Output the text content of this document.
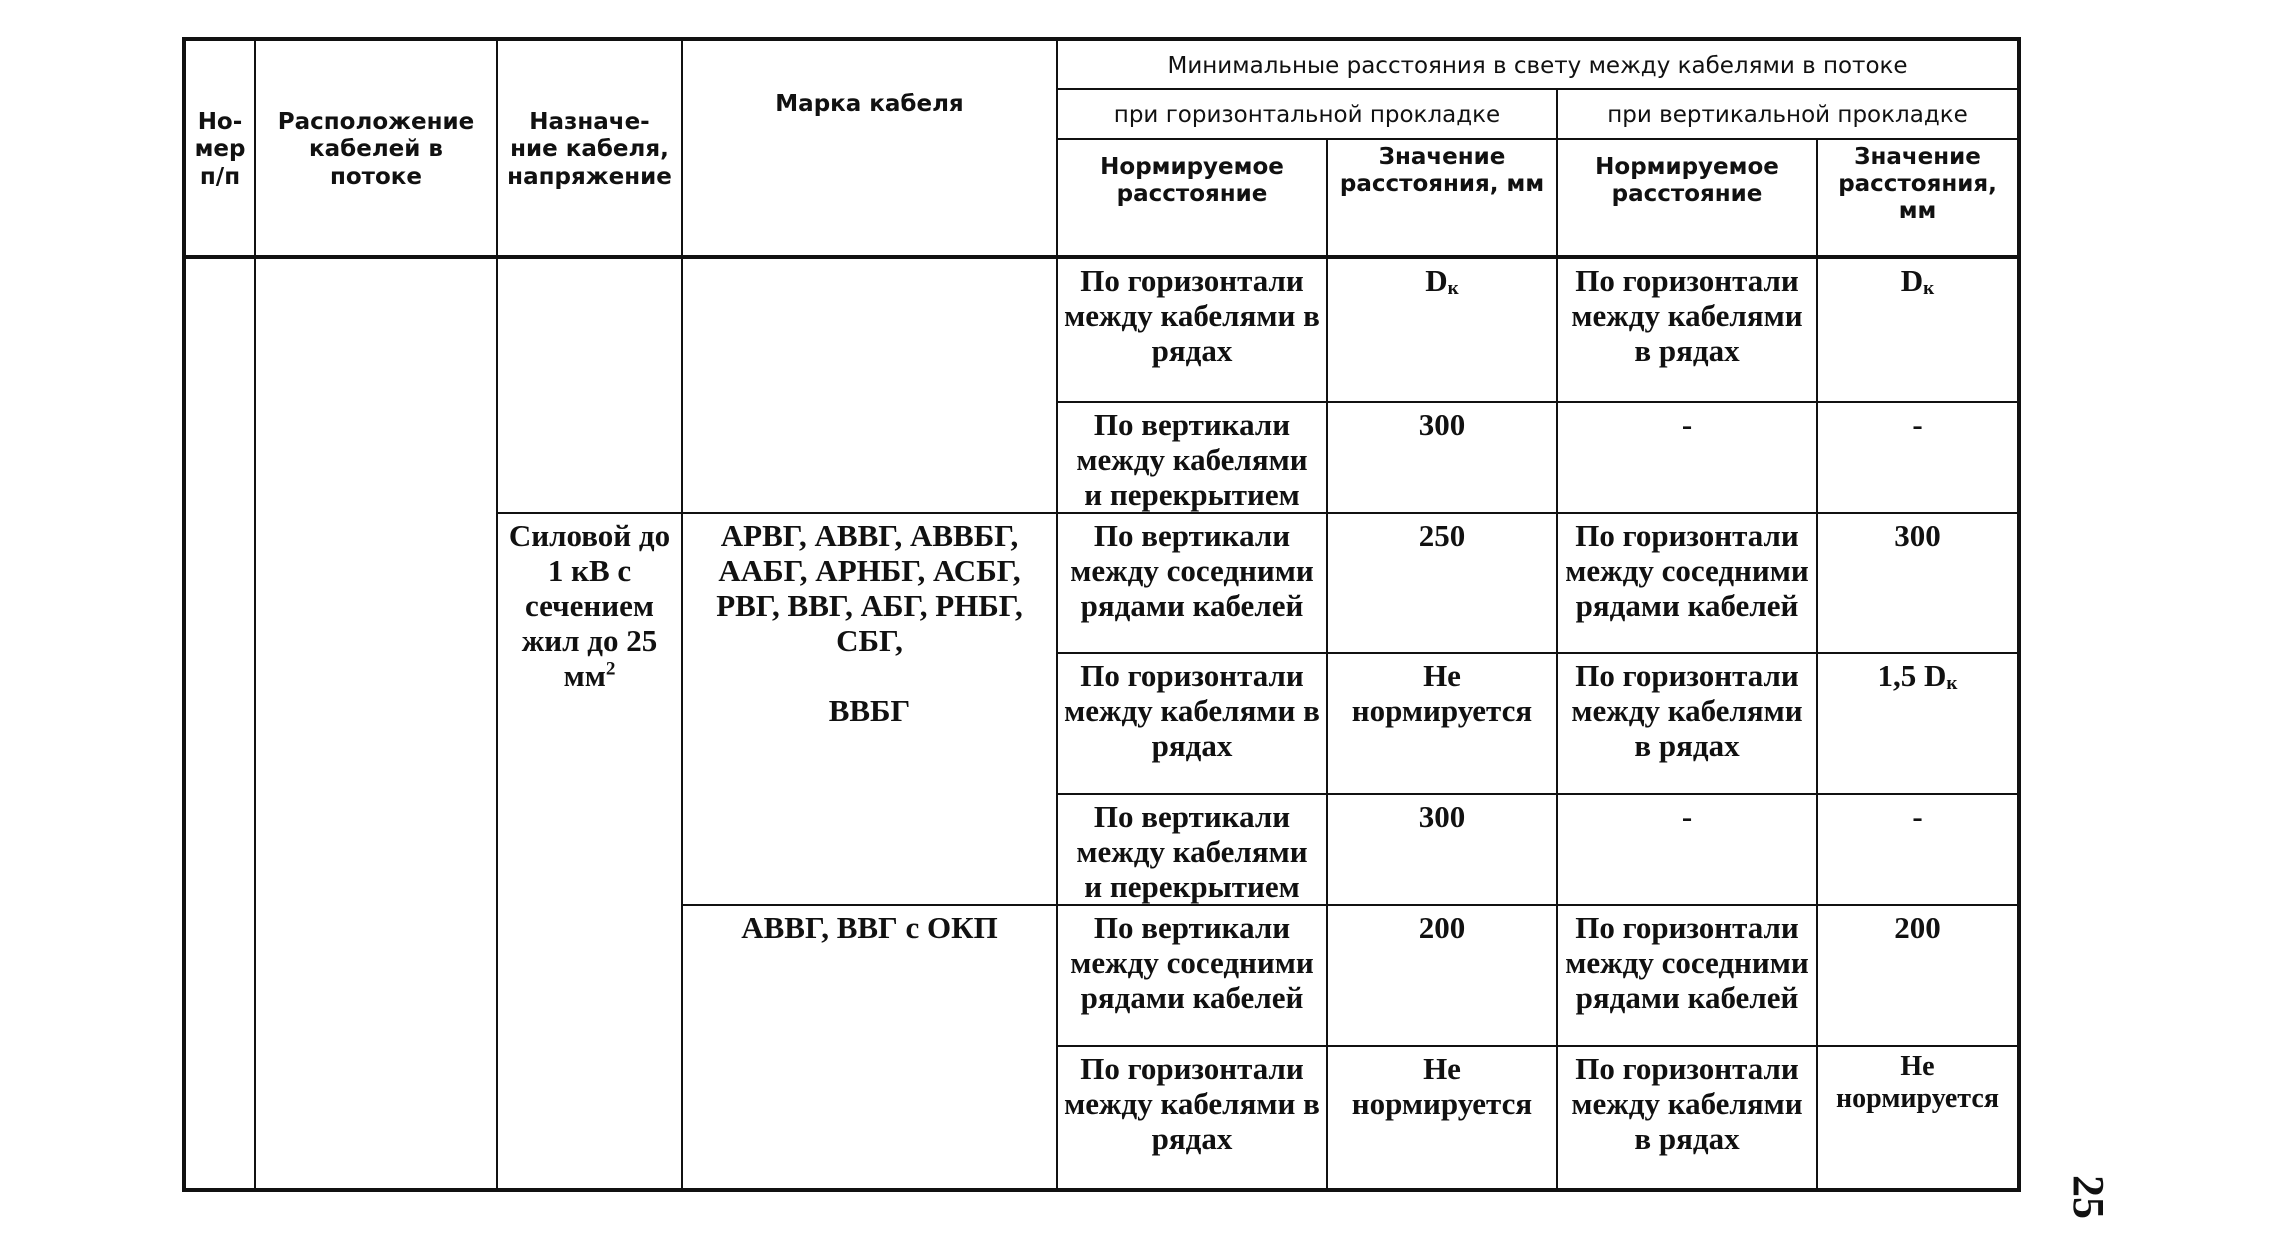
Но-
мер
п/п	Расположение кабелей в потоке	Назначе-
ние кабеля,
напряжение	Марка кабеля	Минимальные расстояния в свету между кабелями в потоке			
				при горизонтальной прокладке		при вертикальной прокладке	
				Нормируемое расстояние	Значение расстояния, мм	Нормируемое расстояние	Значение расстояния, мм
				По горизонтали между кабелями в рядах	$D_к$	По горизонтали между кабелями в рядах	$D_к$
				По вертикали между кабелями и перекрытием	300	-	-
		Силовой до 1 кВ с сечением жил до 25 $мм^2$	АРВГ, АВВГ, АВВБГ, ААБГ, АРНБГ, АСБГ, РВГ, ВВГ, АБГ, РНБГ, СБГ,

ВВБГ	По вертикали между соседними рядами кабелей	250	По горизонтали между соседними рядами кабелей	300
				По горизонтали между кабелями в рядах	Не нормируется	По горизонтали между кабелями в рядах	1,5 $D_к$
				По вертикали между кабелями и перекрытием	300	-	-
			АВВГ, ВВГ с ОКП	По вертикали между соседними рядами кабелей	200	По горизонтали между соседними рядами кабелей	200
				По горизонтали между кабелями в рядах	Не нормируется	По горизонтали между кабелями в рядах	Не нормируется
25
